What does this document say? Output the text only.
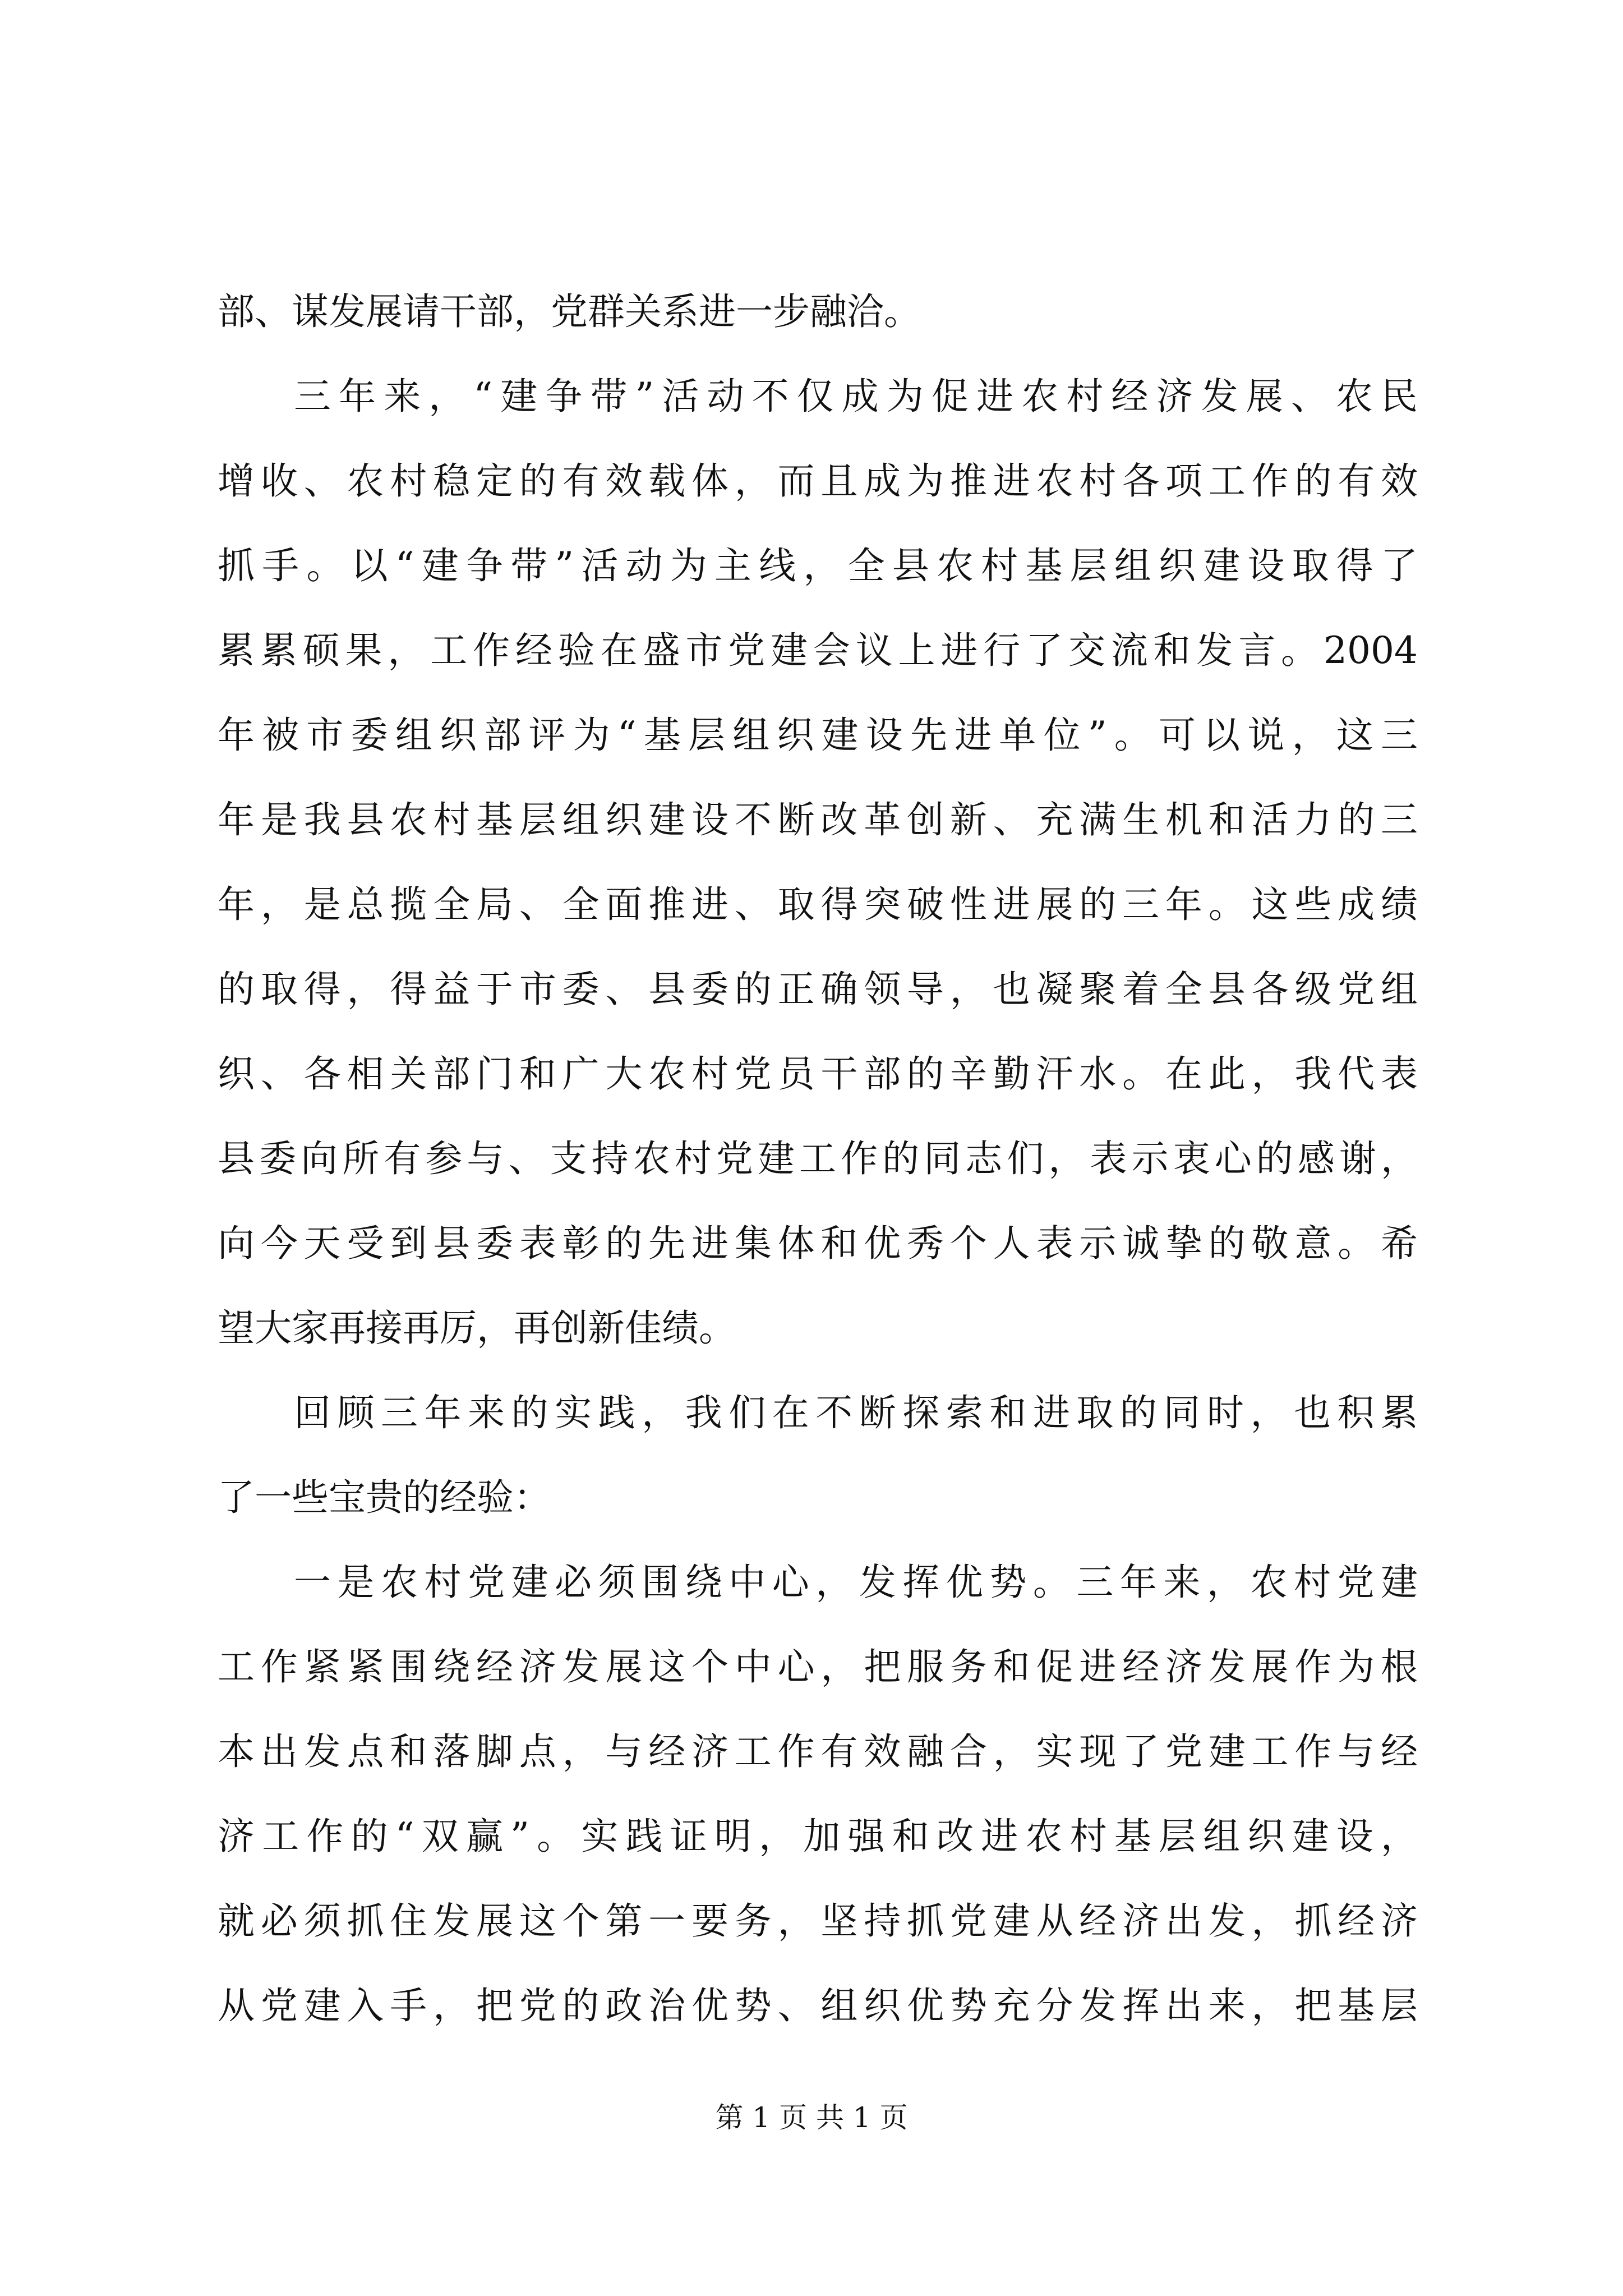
部、谋发展请干部，党群关系进一步融洽。
三年来，“建争带”活动不仅成为促进农村经济发展、农民
增收、农村稳定的有效载体，而且成为推进农村各项工作的有效
抓手。以“建争带”活动为主线，全县农村基层组织建设取得了
累累硕果，工作经验在盛市党建会议上进行了交流和发言。2004
年被市委组织部评为“基层组织建设先进单位”。可以说，这三
年是我县农村基层组织建设不断改革创新、充满生机和活力的三
年，是总揽全局、全面推进、取得突破性进展的三年。这些成绩
的取得，得益于市委、县委的正确领导，也凝聚着全县各级党组
织、各相关部门和广大农村党员干部的辛勤汗水。在此，我代表
县委向所有参与、支持农村党建工作的同志们，表示衷心的感谢，
向今天受到县委表彰的先进集体和优秀个人表示诚挚的敬意。希
望大家再接再厉，再创新佳绩。
回顾三年来的实践，我们在不断探索和进取的同时，也积累
了一些宝贵的经验：
一是农村党建必须围绕中心，发挥优势。三年来，农村党建
工作紧紧围绕经济发展这个中心，把服务和促进经济发展作为根
本出发点和落脚点，与经济工作有效融合，实现了党建工作与经
济工作的“双赢”。实践证明，加强和改进农村基层组织建设，
就必须抓住发展这个第一要务，坚持抓党建从经济出发，抓经济
从党建入手，把党的政治优势、组织优势充分发挥出来，把基层
第 1 页 共 1 页
